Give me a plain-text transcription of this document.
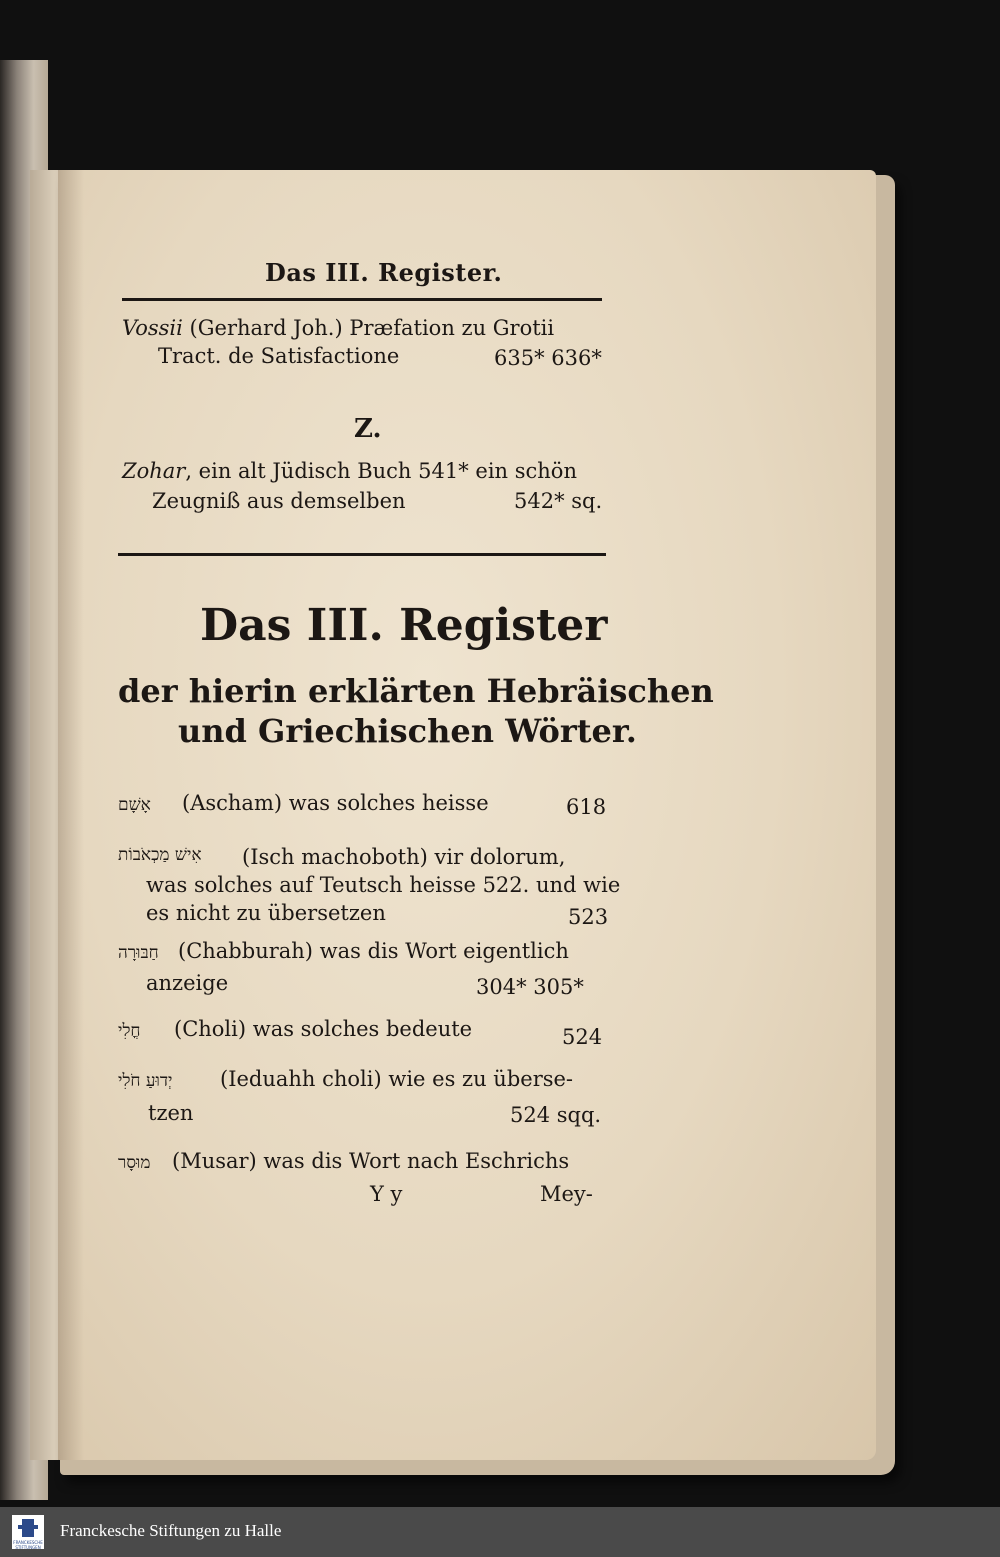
Das III. Register.
Vossii (Gerhard Joh.) Præfation zu Grotii
Tract. de Satisfactione	635* 636*
Z.
Zohar, ein alt Jüdisch Buch 541* ein schön
Zeugniß aus demselben	542* sq.
Das III. Register
der hierin erklärten Hebräischen
und Griechischen Wörter.
אָשָׁם (Ascham) was solches heisse	618
אִישׁ מַכְאֹבוֹת (Isch machoboth) vir dolorum,
was solches auf Teutsch heisse 522. und wie
es nicht zu übersetzen	523
חַבּוּרָה (Chabburah) was dis Wort eigentlich
anzeige	304* 305*
חֳלִי (Choli) was solches bedeute	524
יְדוּעַ חֹלִי (Ieduahh choli) wie es zu überse-
tzen	524 sqq.
מוּסָר (Musar) was dis Wort nach Eschrichs
Y y	Mey-
FRANCKESCHE STIFTUNGEN
Franckesche Stiftungen zu Halle
